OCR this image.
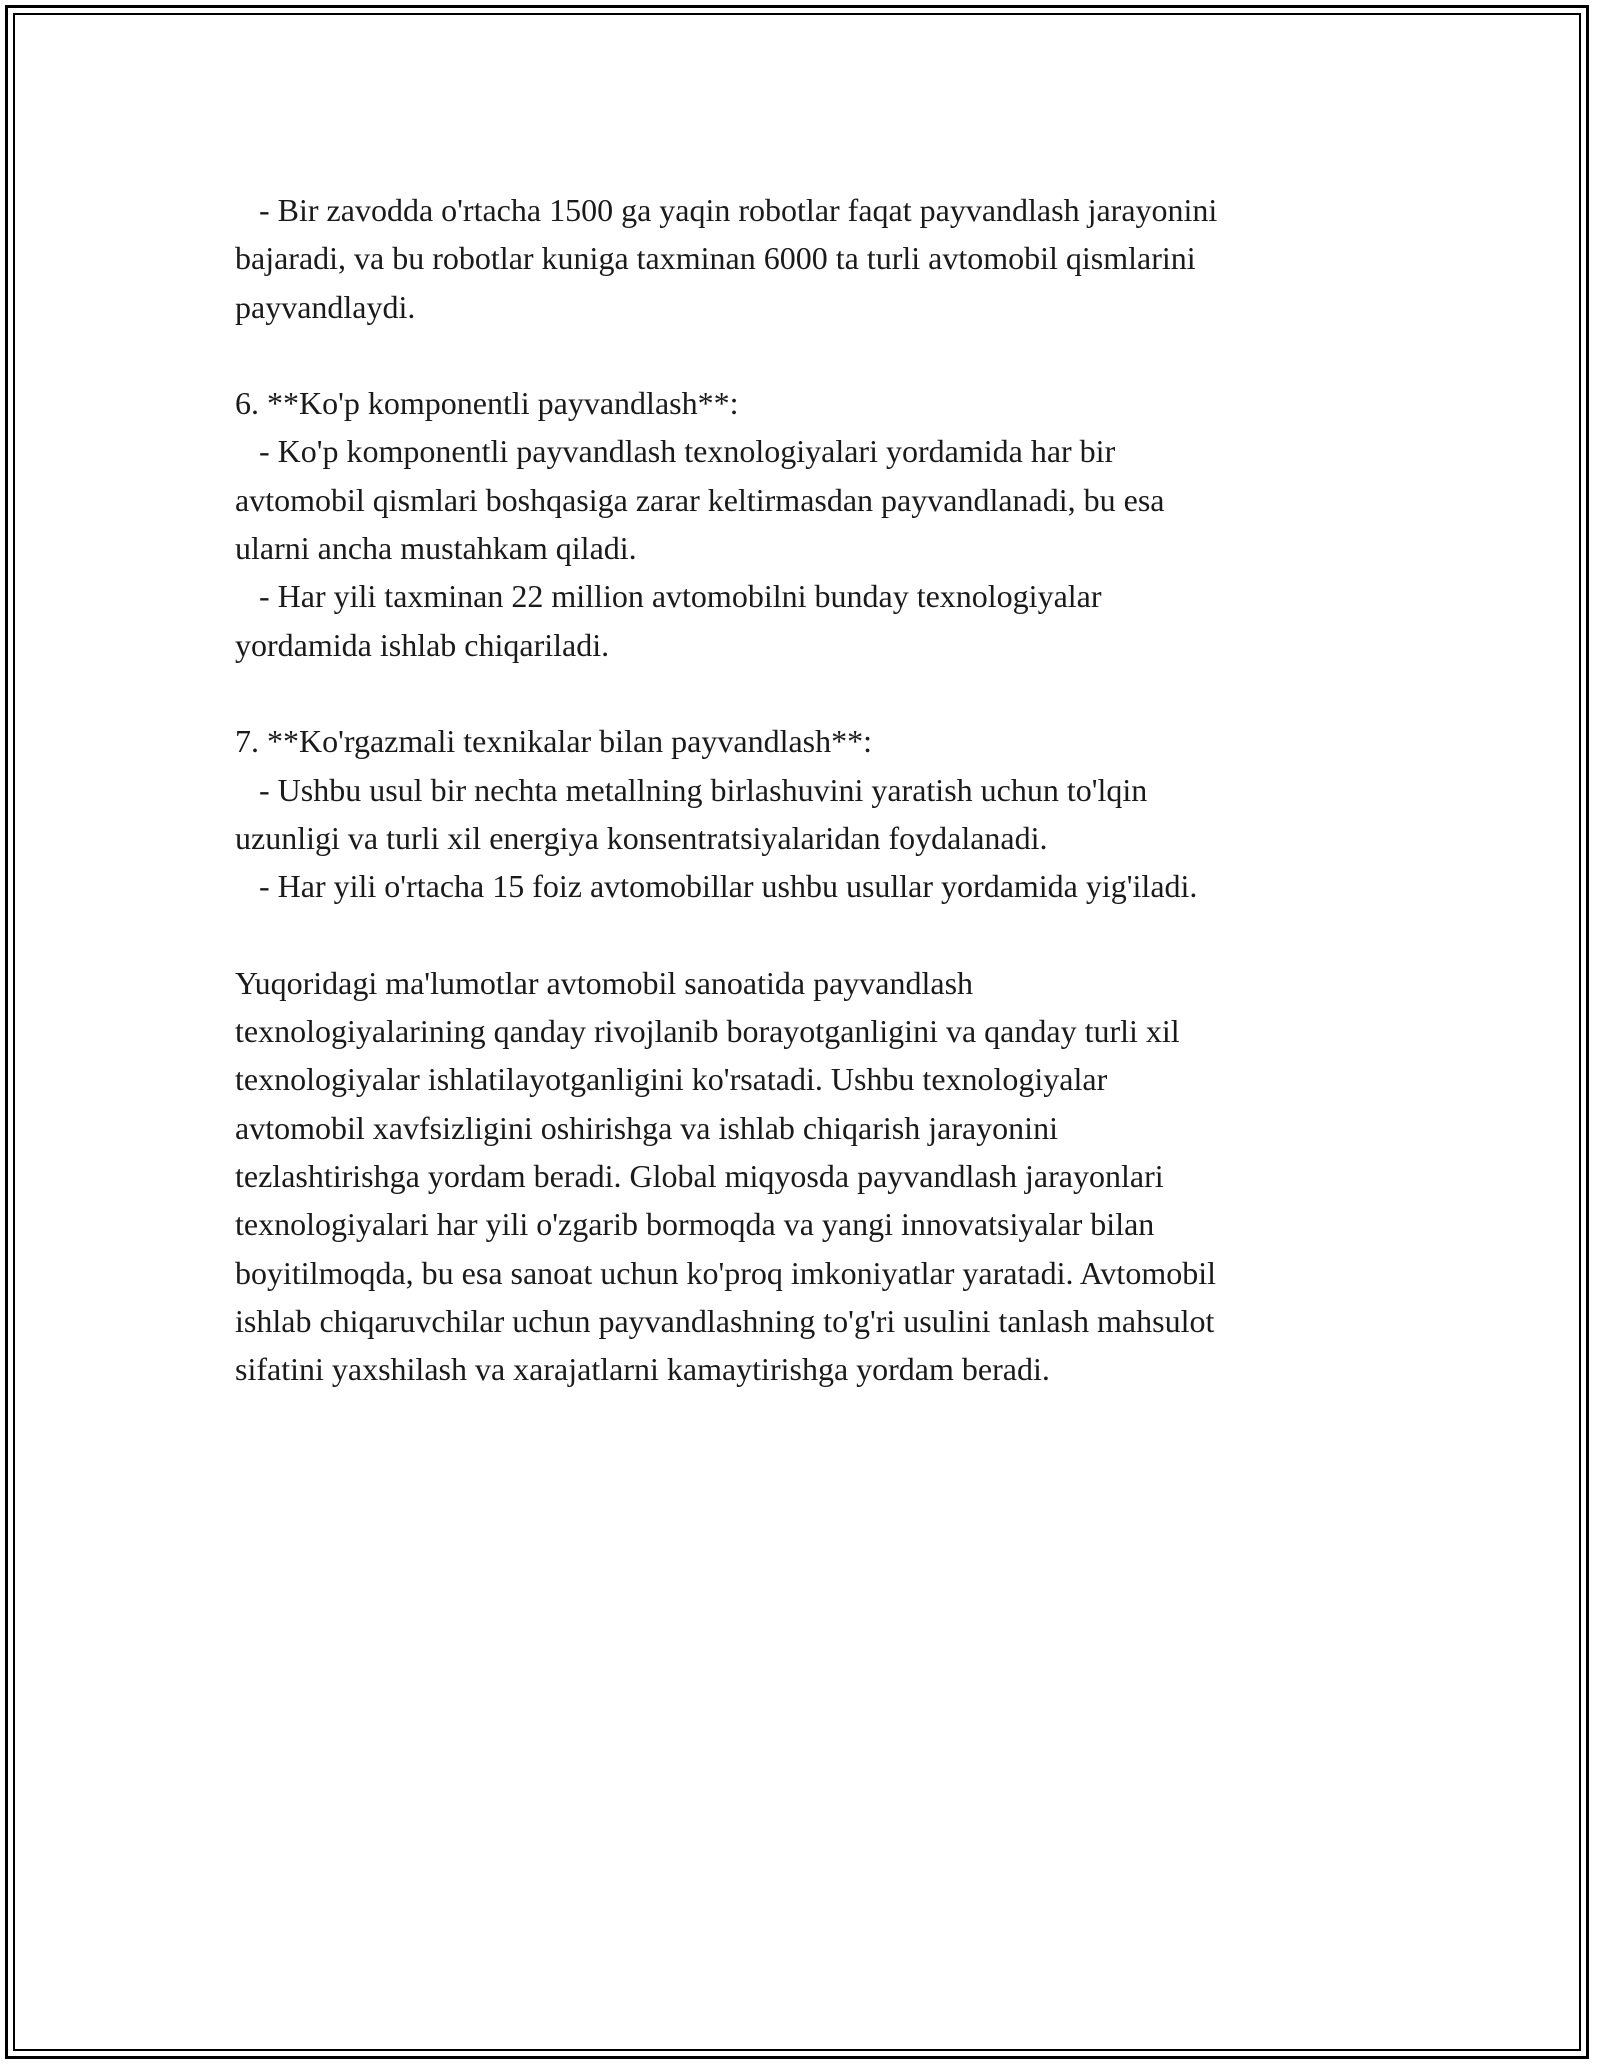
- Bir zavodda o'rtacha 1500 ga yaqin robotlar faqat payvandlash jarayonini
bajaradi, va bu robotlar kuniga taxminan 6000 ta turli avtomobil qismlarini
payvandlaydi.
6. **Ko'p komponentli payvandlash**:
- Ko'p komponentli payvandlash texnologiyalari yordamida har bir
avtomobil qismlari boshqasiga zarar keltirmasdan payvandlanadi, bu esa
ularni ancha mustahkam qiladi.
- Har yili taxminan 22 million avtomobilni bunday texnologiyalar
yordamida ishlab chiqariladi.
7. **Ko'rgazmali texnikalar bilan payvandlash**:
- Ushbu usul bir nechta metallning birlashuvini yaratish uchun to'lqin
uzunligi va turli xil energiya konsentratsiyalaridan foydalanadi.
- Har yili o'rtacha 15 foiz avtomobillar ushbu usullar yordamida yig'iladi.
Yuqoridagi ma'lumotlar avtomobil sanoatida payvandlash
texnologiyalarining qanday rivojlanib borayotganligini va qanday turli xil
texnologiyalar ishlatilayotganligini ko'rsatadi. Ushbu texnologiyalar
avtomobil xavfsizligini oshirishga va ishlab chiqarish jarayonini
tezlashtirishga yordam beradi. Global miqyosda payvandlash jarayonlari
texnologiyalari har yili o'zgarib bormoqda va yangi innovatsiyalar bilan
boyitilmoqda, bu esa sanoat uchun ko'proq imkoniyatlar yaratadi. Avtomobil
ishlab chiqaruvchilar uchun payvandlashning to'g'ri usulini tanlash mahsulot
sifatini yaxshilash va xarajatlarni kamaytirishga yordam beradi.
